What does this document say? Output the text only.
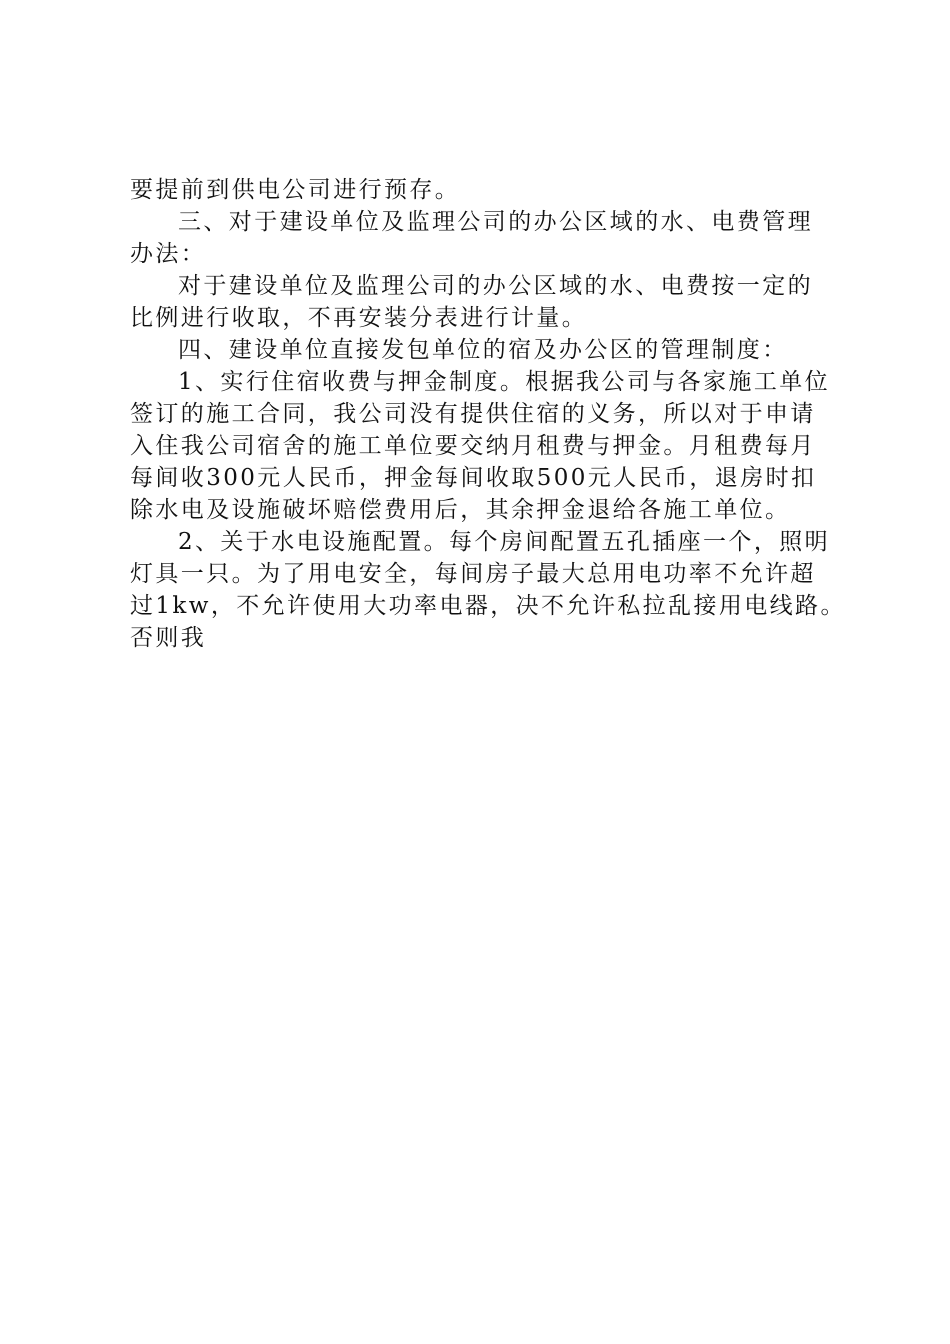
要提前到供电公司进行预存。
三、对于建设单位及监理公司的办公区域的水、电费管理
办法：
对于建设单位及监理公司的办公区域的水、电费按一定的
比例进行收取，不再安装分表进行计量。
四、建设单位直接发包单位的宿及办公区的管理制度：
1、实行住宿收费与押金制度。根据我公司与各家施工单位
签订的施工合同，我公司没有提供住宿的义务，所以对于申请
入住我公司宿舍的施工单位要交纳月租费与押金。月租费每月
每间收300元人民币，押金每间收取500元人民币，退房时扣
除水电及设施破坏赔偿费用后，其余押金退给各施工单位。
2、关于水电设施配置。每个房间配置五孔插座一个，照明
灯具一只。为了用电安全，每间房子最大总用电功率不允许超
过1kw，不允许使用大功率电器，决不允许私拉乱接用电线路。
否则我
